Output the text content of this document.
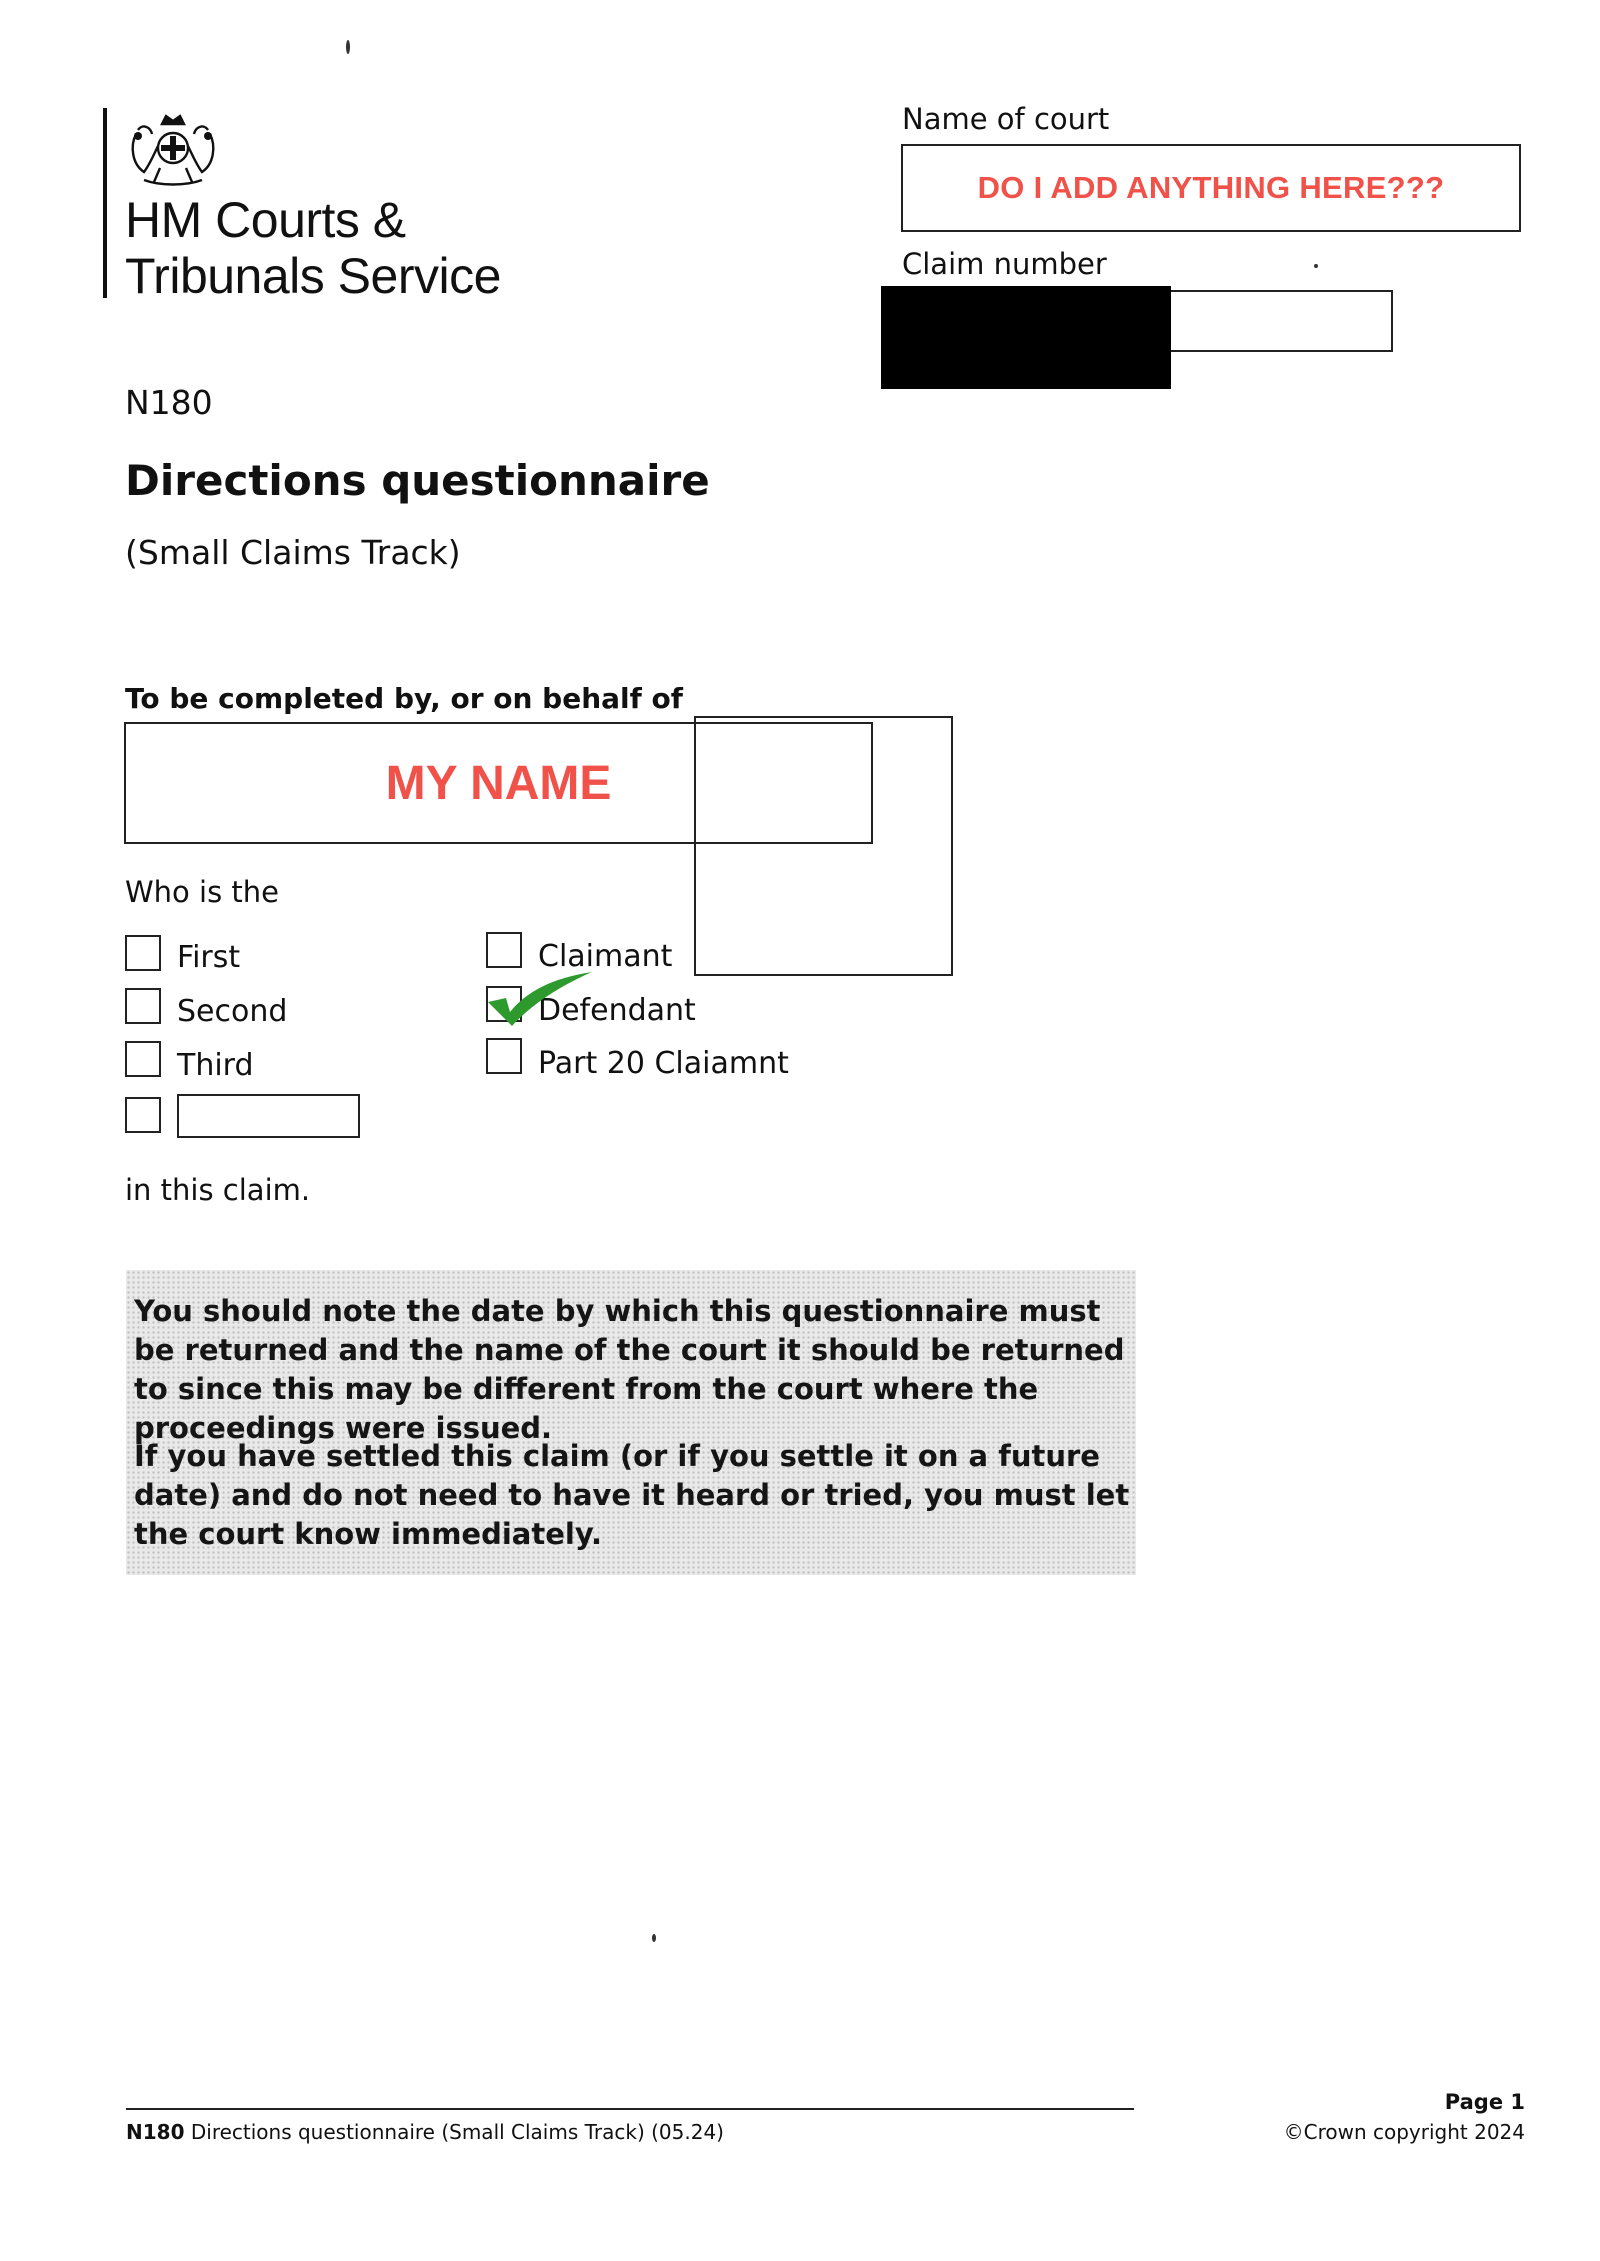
HM Courts &
Tribunals Service
N180
Directions questionnaire
(Small Claims Track)
Name of court
DO I ADD ANYTHING HERE???
Claim number
To be completed by, or on behalf of
MY NAME
Who is the
First
Second
Third
Claimant
Defendant
Part 20 Claiamnt
in this claim.
You should note the date by which this questionnaire must be returned and the name of the court it should be returned to since this may be different from the court where the proceedings were issued.
If you have settled this claim (or if you settle it on a future date) and do not need to have it heard or tried, you must let the court know immediately.
N180 Directions questionnaire (Small Claims Track) (05.24)
Page 1
©Crown copyright 2024
